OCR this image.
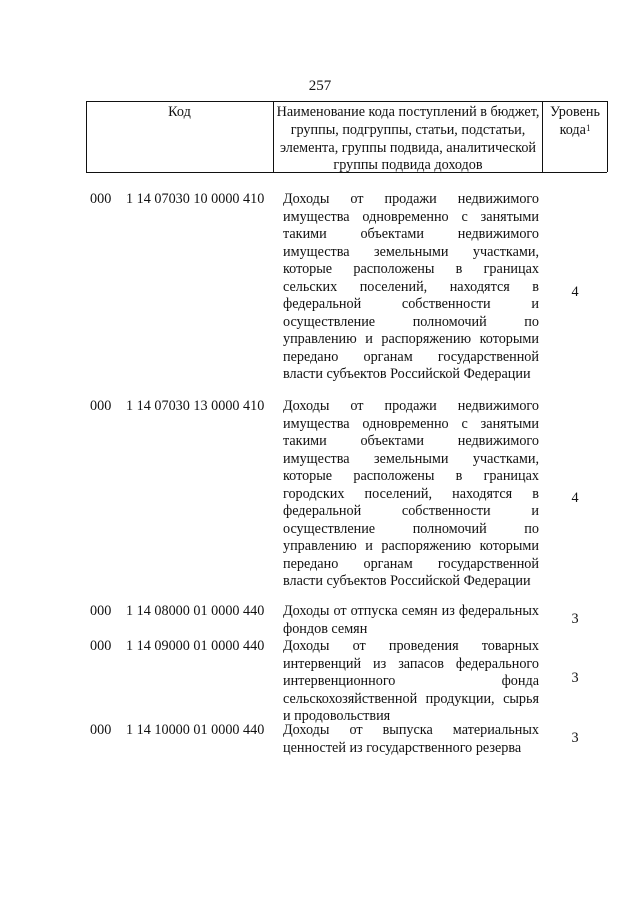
257
Код	Наименование кода поступлений в бюджет, группы, подгруппы, статьи, подстатьи, элемента, группы подвида, аналитической группы подвида доходов
Уровень кода$^1$
000 1 14 07030 10 0000 410 Доходы от продажи недвижимого имущества одновременно с занятыми такими объектами недвижимого имущества земельными участками, которые расположены в границах сельских поселений, находятся в федеральной собственности и осуществление полномочий по управлению и распоряжению которыми передано органам государственной власти субъектов Российской Федерации
4
000 1 14 07030 13 0000 410 Доходы от продажи недвижимого имущества одновременно с занятыми такими объектами недвижимого имущества земельными участками, которые расположены в границах городских поселений, находятся в федеральной собственности и осуществление полномочий по управлению и распоряжению которыми передано органам государственной власти субъектов Российской Федерации
4
000 1 14 08000 01 0000 440 Доходы от отпуска семян из федеральных фондов семян
3
000 1 14 09000 01 0000 440 Доходы от проведения товарных интервенций из запасов федерального интервенционного фонда сельскохозяйственной продукции, сырья и продовольствия
3
000 1 14 10000 01 0000 440 Доходы от выпуска материальных ценностей из государственного резерва
3
